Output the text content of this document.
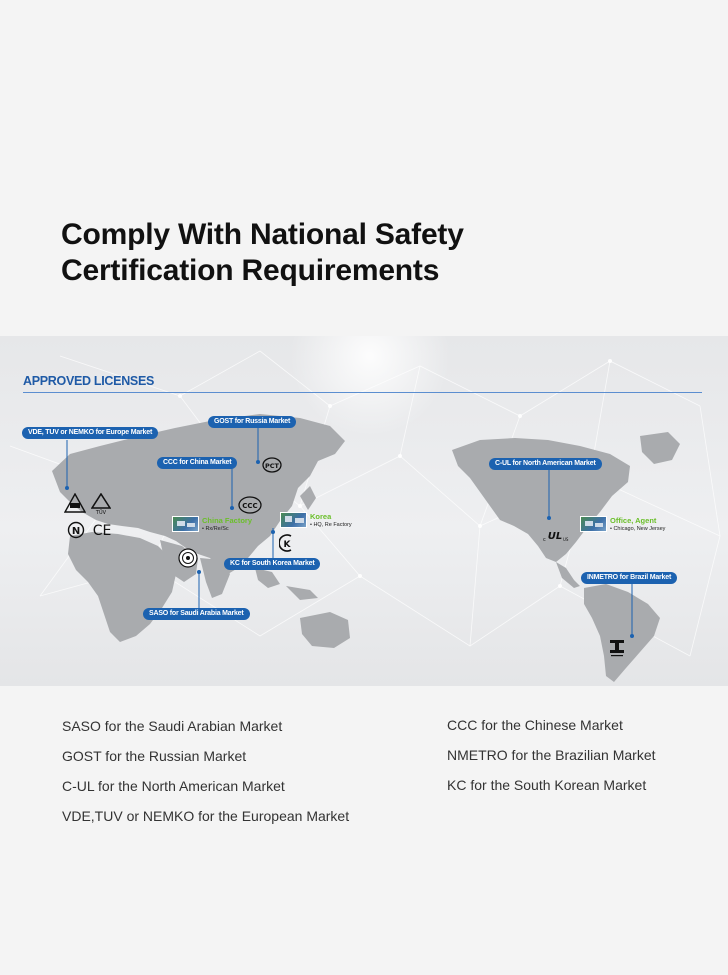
Comply With National Safety
Certification Requirements
APPROVED LICENSES
VDE, TUV or NEMKO for Europe Market
GOST for Russia Market
CCC for China Market
KC for South Korea Market
SASO for Saudi Arabia Market
C-UL for North American Market
INMETRO for Brazil Market
China Factory
• Rx/Re/Sc
Korea
• HQ, Re Factory	Office, Agent
• Chicago, New Jersey
TÜV
N CE
PCT
CCC
K	c UL US
SASO for the Saudi Arabian Market
GOST for the Russian Market
C-UL for the North American Market
VDE,TUV or NEMKO for the European Market
CCC for the Chinese Market
NMETRO for the Brazilian Market
KC for the South Korean Market
